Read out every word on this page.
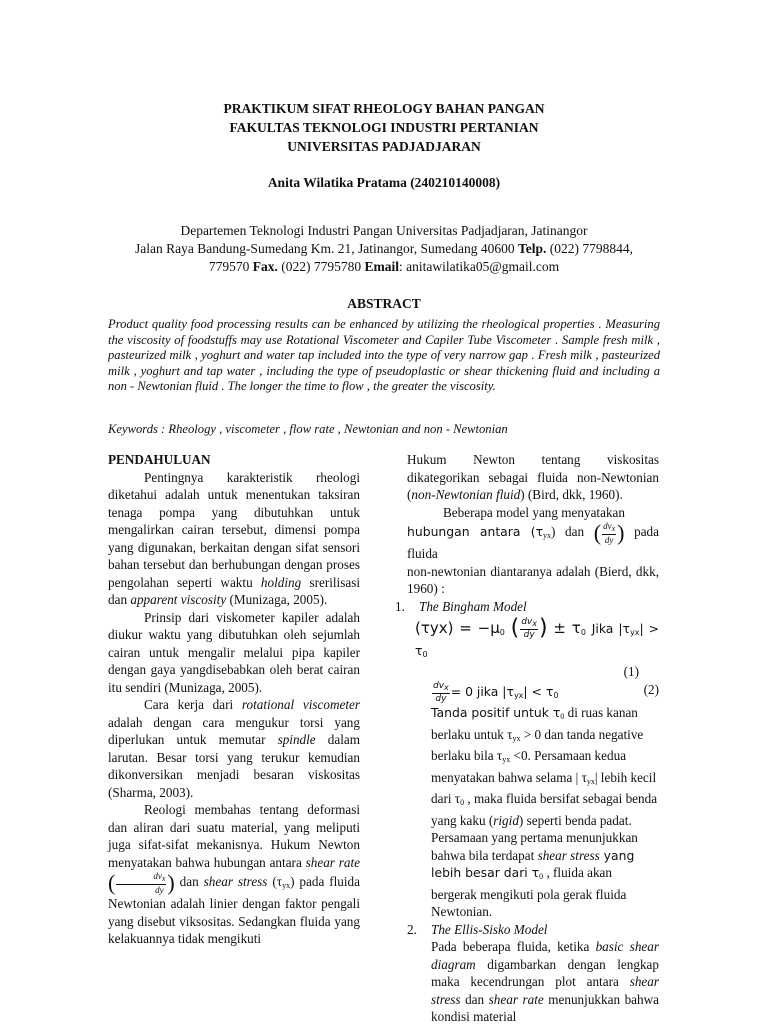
PRAKTIKUM SIFAT RHEOLOGY BAHAN PANGAN
FAKULTAS TEKNOLOGI INDUSTRI PERTANIAN
UNIVERSITAS PADJADJARAN
Anita Wilatika Pratama (240210140008)
Departemen Teknologi Industri Pangan Universitas Padjadjaran, Jatinangor
Jalan Raya Bandung-Sumedang Km. 21, Jatinangor, Sumedang 40600 Telp. (022) 7798844,
779570 Fax. (022) 7795780 Email: anitawilatika05@gmail.com
ABSTRACT
Product quality food processing results can be enhanced by utilizing the rheological properties . Measuring the viscosity of foodstuffs may use Rotational Viscometer and Capiler Tube Viscometer . Sample fresh milk , pasteurized milk , yoghurt and water tap included into the type of very narrow gap . Fresh milk , pasteurized milk , yoghurt and tap water , including the type of pseudoplastic or shear thickening fluid and including a non - Newtonian fluid . The longer the time to flow , the greater the viscosity.
Keywords : Rheology , viscometer , flow rate , Newtonian and non - Newtonian

PENDAHULUAN

Pentingnya karakteristik rheologi diketahui adalah untuk menentukan taksiran tenaga pompa yang dibutuhkan untuk mengalirkan cairan tersebut, dimensi pompa yang digunakan, berkaitan dengan sifat sensori bahan tersebut dan berhubungan dengan proses pengolahan seperti waktu holding srerilisasi dan apparent viscosity (Munizaga, 2005).

Prinsip dari viskometer kapiler adalah diukur waktu yang dibutuhkan oleh sejumlah cairan untuk mengalir melalui pipa kapiler dengan gaya yangdisebabkan oleh berat cairan itu sendiri (Munizaga, 2005).

Cara kerja dari rotational viscometer adalah dengan cara mengukur torsi yang diperlukan untuk memutar spindle dalam larutan. Besar torsi yang terukur kemudian dikonversikan menjadi besaran viskositas (Sharma, 2003).

Reologi membahas tentang deformasi dan aliran dari suatu material, yang meliputi juga sifat-sifat mekanisnya. Hukum Newton menyatakan bahwa hubungan antara shear rate ( $\frac{\text{dvx}}{dy}$ ) dan shear stress $(\tau_{yx})$ pada fluida Newtonian adalah linier dengan faktor pengali yang disebut viksositas. Sedangkan fluida yang kelakuannya tidak mengikuti

Hukum Newton tentang viskositas dikategorikan sebagai fluida non-Newtonian (non-Newtonian fluid) (Bird, dkk, 1960).

Beberapa model yang menyatakan

hubungan antara $(\tau_{yx})$ dan ( $\frac{\text{dvx}}{dy}$ ) pada fluida

non-newtonian diantaranya adalah (Bierd, dkk, 1960) :

1.	The Bingham Model
$(\tau yx) = -\mu_0$ ( $\frac{\text{dvx}}{dy}$ ) ± $\tau_0$ Jika $|\tau_{yx}| > \tau_0$
(1)
$\frac{\text{dvx}}{dy} = 0$ jika $|\tau_{yx}| < \tau_0$	(2)

Tanda positif untuk $\tau_0$ di ruas kanan berlaku untuk $\tau_{yx} > 0$ dan tanda negative berlaku bila $\tau_{yx} <0$. Persamaan kedua menyatakan bahwa selama | $\tau_{yx}|$ lebih kecil dari $\tau_0$ , maka fluida bersifat sebagai benda yang kaku (rigid) seperti benda padat. Persamaan yang pertama menunjukkan bahwa bila terdapat shear stress yang lebih besar dari $\tau_0$ , fluida akan bergerak mengikuti pola gerak fluida Newtonian.

2.	The Ellis-Sisko Model

Pada beberapa fluida, ketika basic shear diagram digambarkan dengan lengkap maka kecendrungan plot antara shear stress dan shear rate menunjukkan bahwa kondisi material
